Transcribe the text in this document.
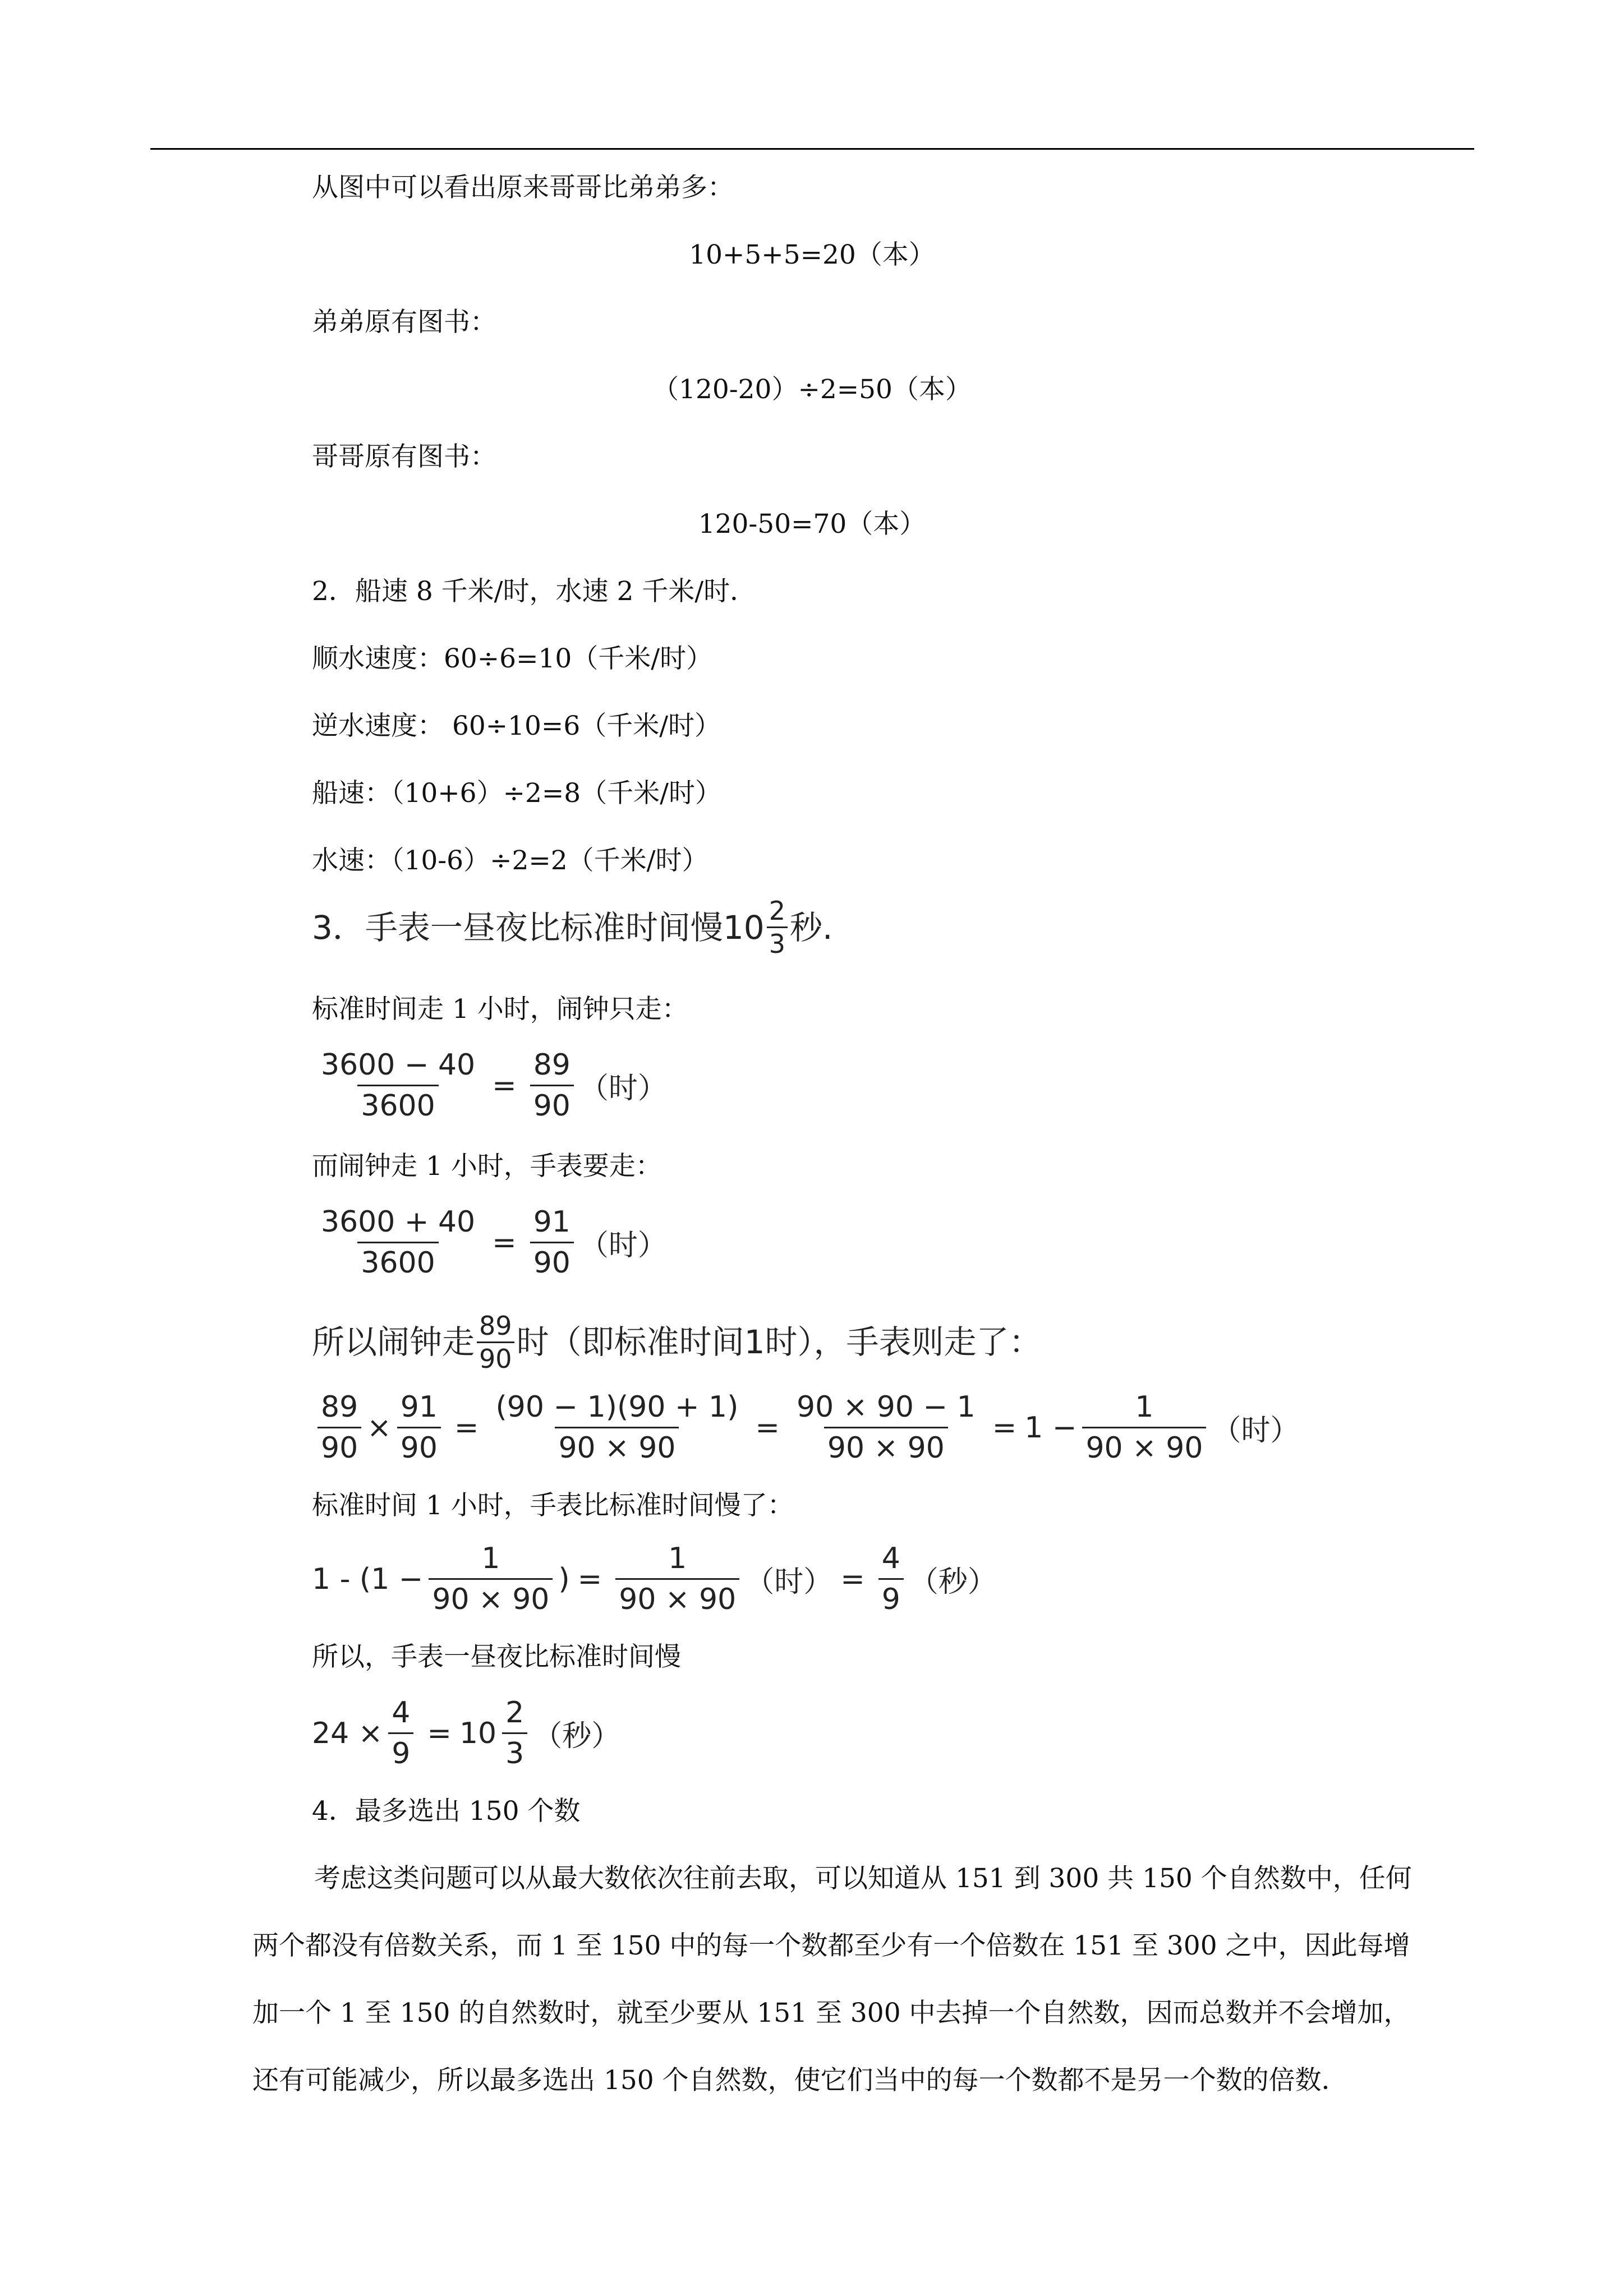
从图中可以看出原来哥哥比弟弟多：
10+5+5=20（本）
弟弟原有图书：
（120-20）÷2=50（本）
哥哥原有图书：
120-50=70（本）
2．船速 8 千米/时，水速 2 千米/时．
顺水速度：60÷6=10（千米/时）
逆水速度： 60÷10=6（千米/时）
船速：（10+6）÷2=8（千米/时）
水速：（10-6）÷2=2（千米/时）
3．手表一昼夜比标准时间慢$10 \frac{2}{3}$ 秒.
标准时间走 1 小时，闹钟只走：
$\frac{3600 - 40}{3600} = \frac{89}{90}$ （时）
而闹钟走 1 小时，手表要走：
$\frac{3600 + 40}{3600} = \frac{91}{90}$ （时）
所以闹钟走 $\frac{89}{90}$ 时（即标准时间1时），手表则走了：
$\frac{89}{90} \times \frac{91}{90} = \frac{(90 - 1)(90 + 1)}{90 \times 90} = \frac{90 \times 90 - 1}{90 \times 90} = 1 - \frac{1}{90 \times 90}$ （时）
标准时间 1 小时，手表比标准时间慢了：
$1 - (1 - \frac{1}{90 \times 90}$ ) = $\frac{1}{90 \times 90}$ （时） = $\frac{4}{9}$ （秒）
所以，手表一昼夜比标准时间慢
$24 \times \frac{4}{9} = 10 \frac{2}{3}$ （秒）
4．最多选出 150 个数
考虑这类问题可以从最大数依次往前去取，可以知道从 151 到 300 共 150 个自然数中，任何
两个都没有倍数关系，而 1 至 150 中的每一个数都至少有一个倍数在 151 至 300 之中，因此每增
加一个 1 至 150 的自然数时，就至少要从 151 至 300 中去掉一个自然数，因而总数并不会增加，
还有可能减少，所以最多选出 150 个自然数，使它们当中的每一个数都不是另一个数的倍数．
